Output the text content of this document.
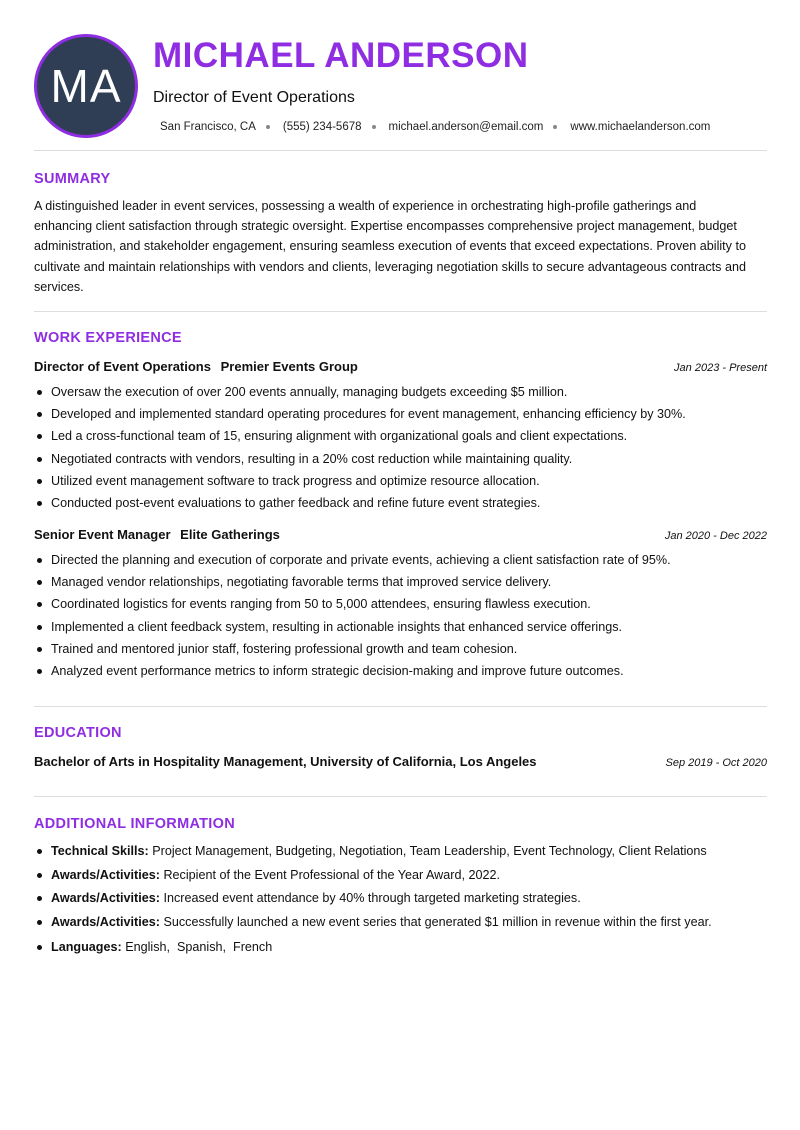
MA
MICHAEL ANDERSON
Director of Event Operations
San Francisco, CA (555) 234-5678 michael.anderson@email.com www.michaelanderson.com
SUMMARY
A distinguished leader in event services, possessing a wealth of experience in orchestrating high-profile gatherings and enhancing client satisfaction through strategic oversight. Expertise encompasses comprehensive project management, budget administration, and stakeholder engagement, ensuring seamless execution of events that exceed expectations. Proven ability to cultivate and maintain relationships with vendors and clients, leveraging negotiation skills to secure advantageous contracts and services.
WORK EXPERIENCE
Director of Event Operations Premier Events Group	Jan 2023 - Present
Oversaw the execution of over 200 events annually, managing budgets exceeding $5 million.
Developed and implemented standard operating procedures for event management, enhancing efficiency by 30%.
Led a cross-functional team of 15, ensuring alignment with organizational goals and client expectations.
Negotiated contracts with vendors, resulting in a 20% cost reduction while maintaining quality.
Utilized event management software to track progress and optimize resource allocation.
Conducted post-event evaluations to gather feedback and refine future event strategies.
Senior Event Manager Elite Gatherings	Jan 2020 - Dec 2022
Directed the planning and execution of corporate and private events, achieving a client satisfaction rate of 95%.
Managed vendor relationships, negotiating favorable terms that improved service delivery.
Coordinated logistics for events ranging from 50 to 5,000 attendees, ensuring flawless execution.
Implemented a client feedback system, resulting in actionable insights that enhanced service offerings.
Trained and mentored junior staff, fostering professional growth and team cohesion.
Analyzed event performance metrics to inform strategic decision-making and improve future outcomes.
EDUCATION
Bachelor of Arts in Hospitality Management, University of California, Los Angeles	Sep 2019 - Oct 2020
ADDITIONAL INFORMATION
Technical Skills: Project Management, Budgeting, Negotiation, Team Leadership, Event Technology, Client Relations
Awards/Activities: Recipient of the Event Professional of the Year Award, 2022.
Awards/Activities: Increased event attendance by 40% through targeted marketing strategies.
Awards/Activities: Successfully launched a new event series that generated $1 million in revenue within the first year.
Languages: English,  Spanish,  French
